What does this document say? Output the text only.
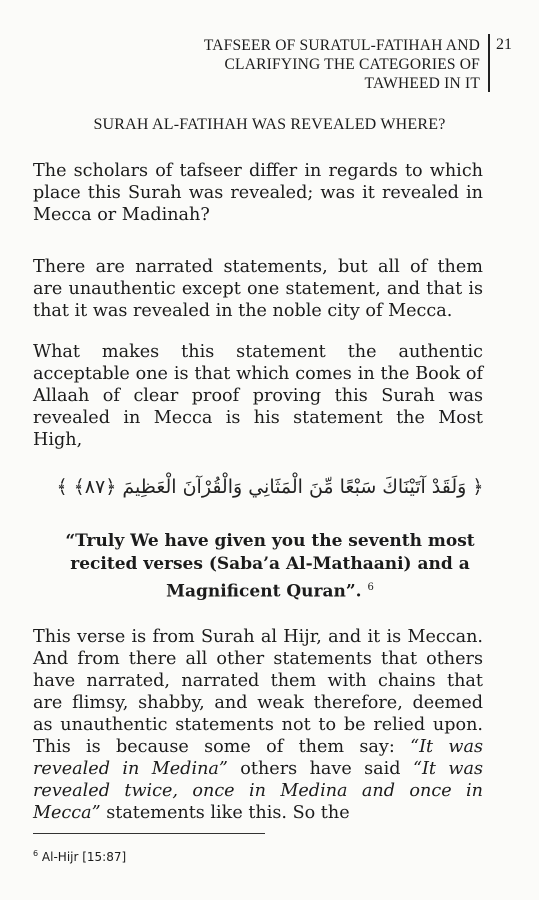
TAFSEER OF SURATUL-FATIHAH AND
CLARIFYING THE CATEGORIES OF
TAWHEED IN IT
21
SURAH AL-FATIHAH WAS REVEALED WHERE?

The scholars of tafseer differ in regards to which place this Surah was revealed; was it revealed in Mecca or Madinah?

There are narrated statements, but all of them are unauthentic except one statement, and that is that it was revealed in the noble city of Mecca.

What makes this statement the authentic acceptable one is that which comes in the Book of Allaah of clear proof proving this Surah was revealed in Mecca is his statement the Most High,

﴿ وَلَقَدْ آتَيْنَاكَ سَبْعًا مِّنَ الْمَثَانِي وَالْقُرْآنَ الْعَظِيمَ ﴿٨٧﴾ ﴾
“Truly We have given you the seventh most recited verses (Saba’a Al-Mathaani) and a Magnificent Quran”. $^6$

This verse is from Surah al Hijr, and it is Meccan. And from there all other statements that others have narrated, narrated them with chains that are flimsy, shabby, and weak therefore, deemed as unauthentic statements not to be relied upon. This is because some of them say: “It was revealed in Medina” others have said “It was revealed twice, once in Medina and once in Mecca” statements like this. So the

$^6$ Al-Hijr [15:87]
